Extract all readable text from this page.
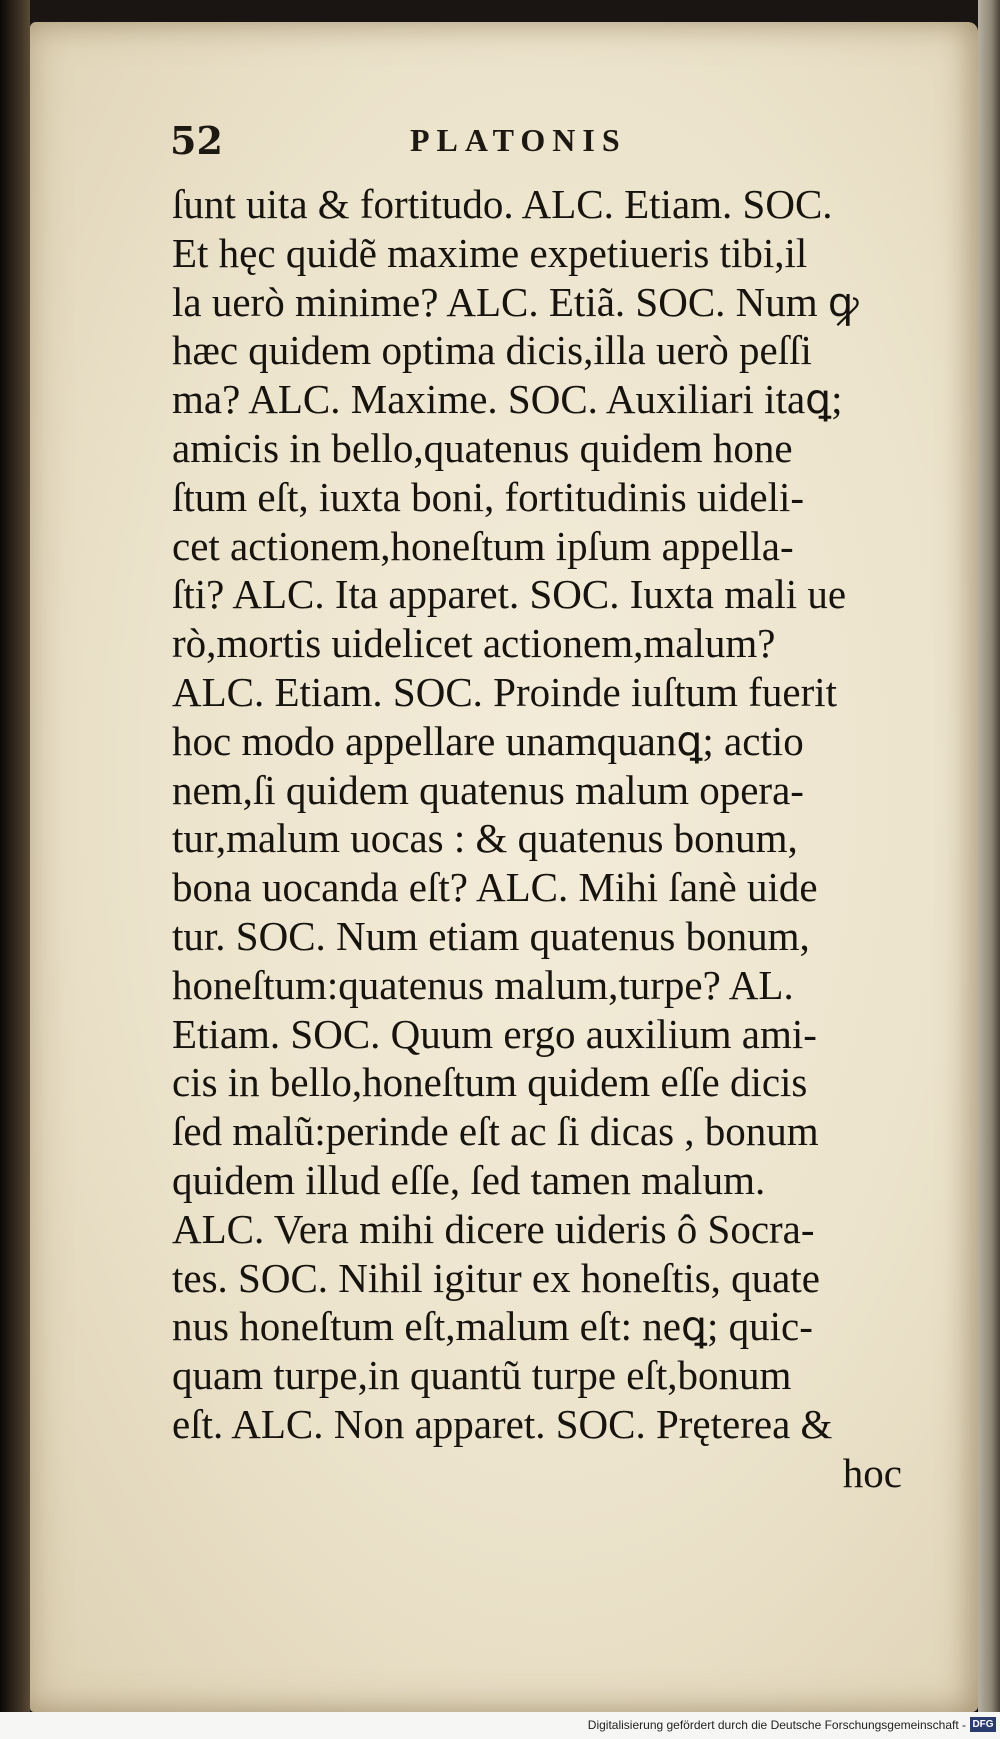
52	PLATONIS
ſunt uita & fortitudo. ALC. Etiam. SOC.
Et hęc quidẽ maxime expetiueris tibi,il
la uerò minime? ALC. Etiã. SOC. Num ꝙ
hæc quidem optima dicis,illa uerò peſſi
ma? ALC. Maxime. SOC. Auxiliari itaꝗ;
amicis in bello,quatenus quidem hone
ſtum eſt, iuxta boni, fortitudinis uideli-
cet actionem,honeſtum ipſum appella-
ſti? ALC. Ita apparet. SOC. Iuxta mali ue
rò,mortis uidelicet actionem,malum?
ALC. Etiam. SOC. Proinde iuſtum fuerit
hoc modo appellare unamquanꝗ; actio
nem,ſi quidem quatenus malum opera-
tur,malum uocas : & quatenus bonum,
bona uocanda eſt? ALC. Mihi ſanè uide
tur. SOC. Num etiam quatenus bonum,
honeſtum:quatenus malum,turpe? AL.
Etiam. SOC. Quum ergo auxilium ami-
cis in bello,honeſtum quidem eſſe dicis
ſed malũ:perinde eſt ac ſi dicas , bonum
quidem illud eſſe, ſed tamen malum.
ALC. Vera mihi dicere uideris ô Socra-
tes. SOC. Nihil igitur ex honeſtis, quate
nus honeſtum eſt,malum eſt: neꝗ; quic-
quam turpe,in quantũ turpe eſt,bonum
eſt. ALC. Non apparet. SOC. Pręterea &
hoc
Digitalisierung gefördert durch die Deutsche Forschungsgemeinschaft - DFG
